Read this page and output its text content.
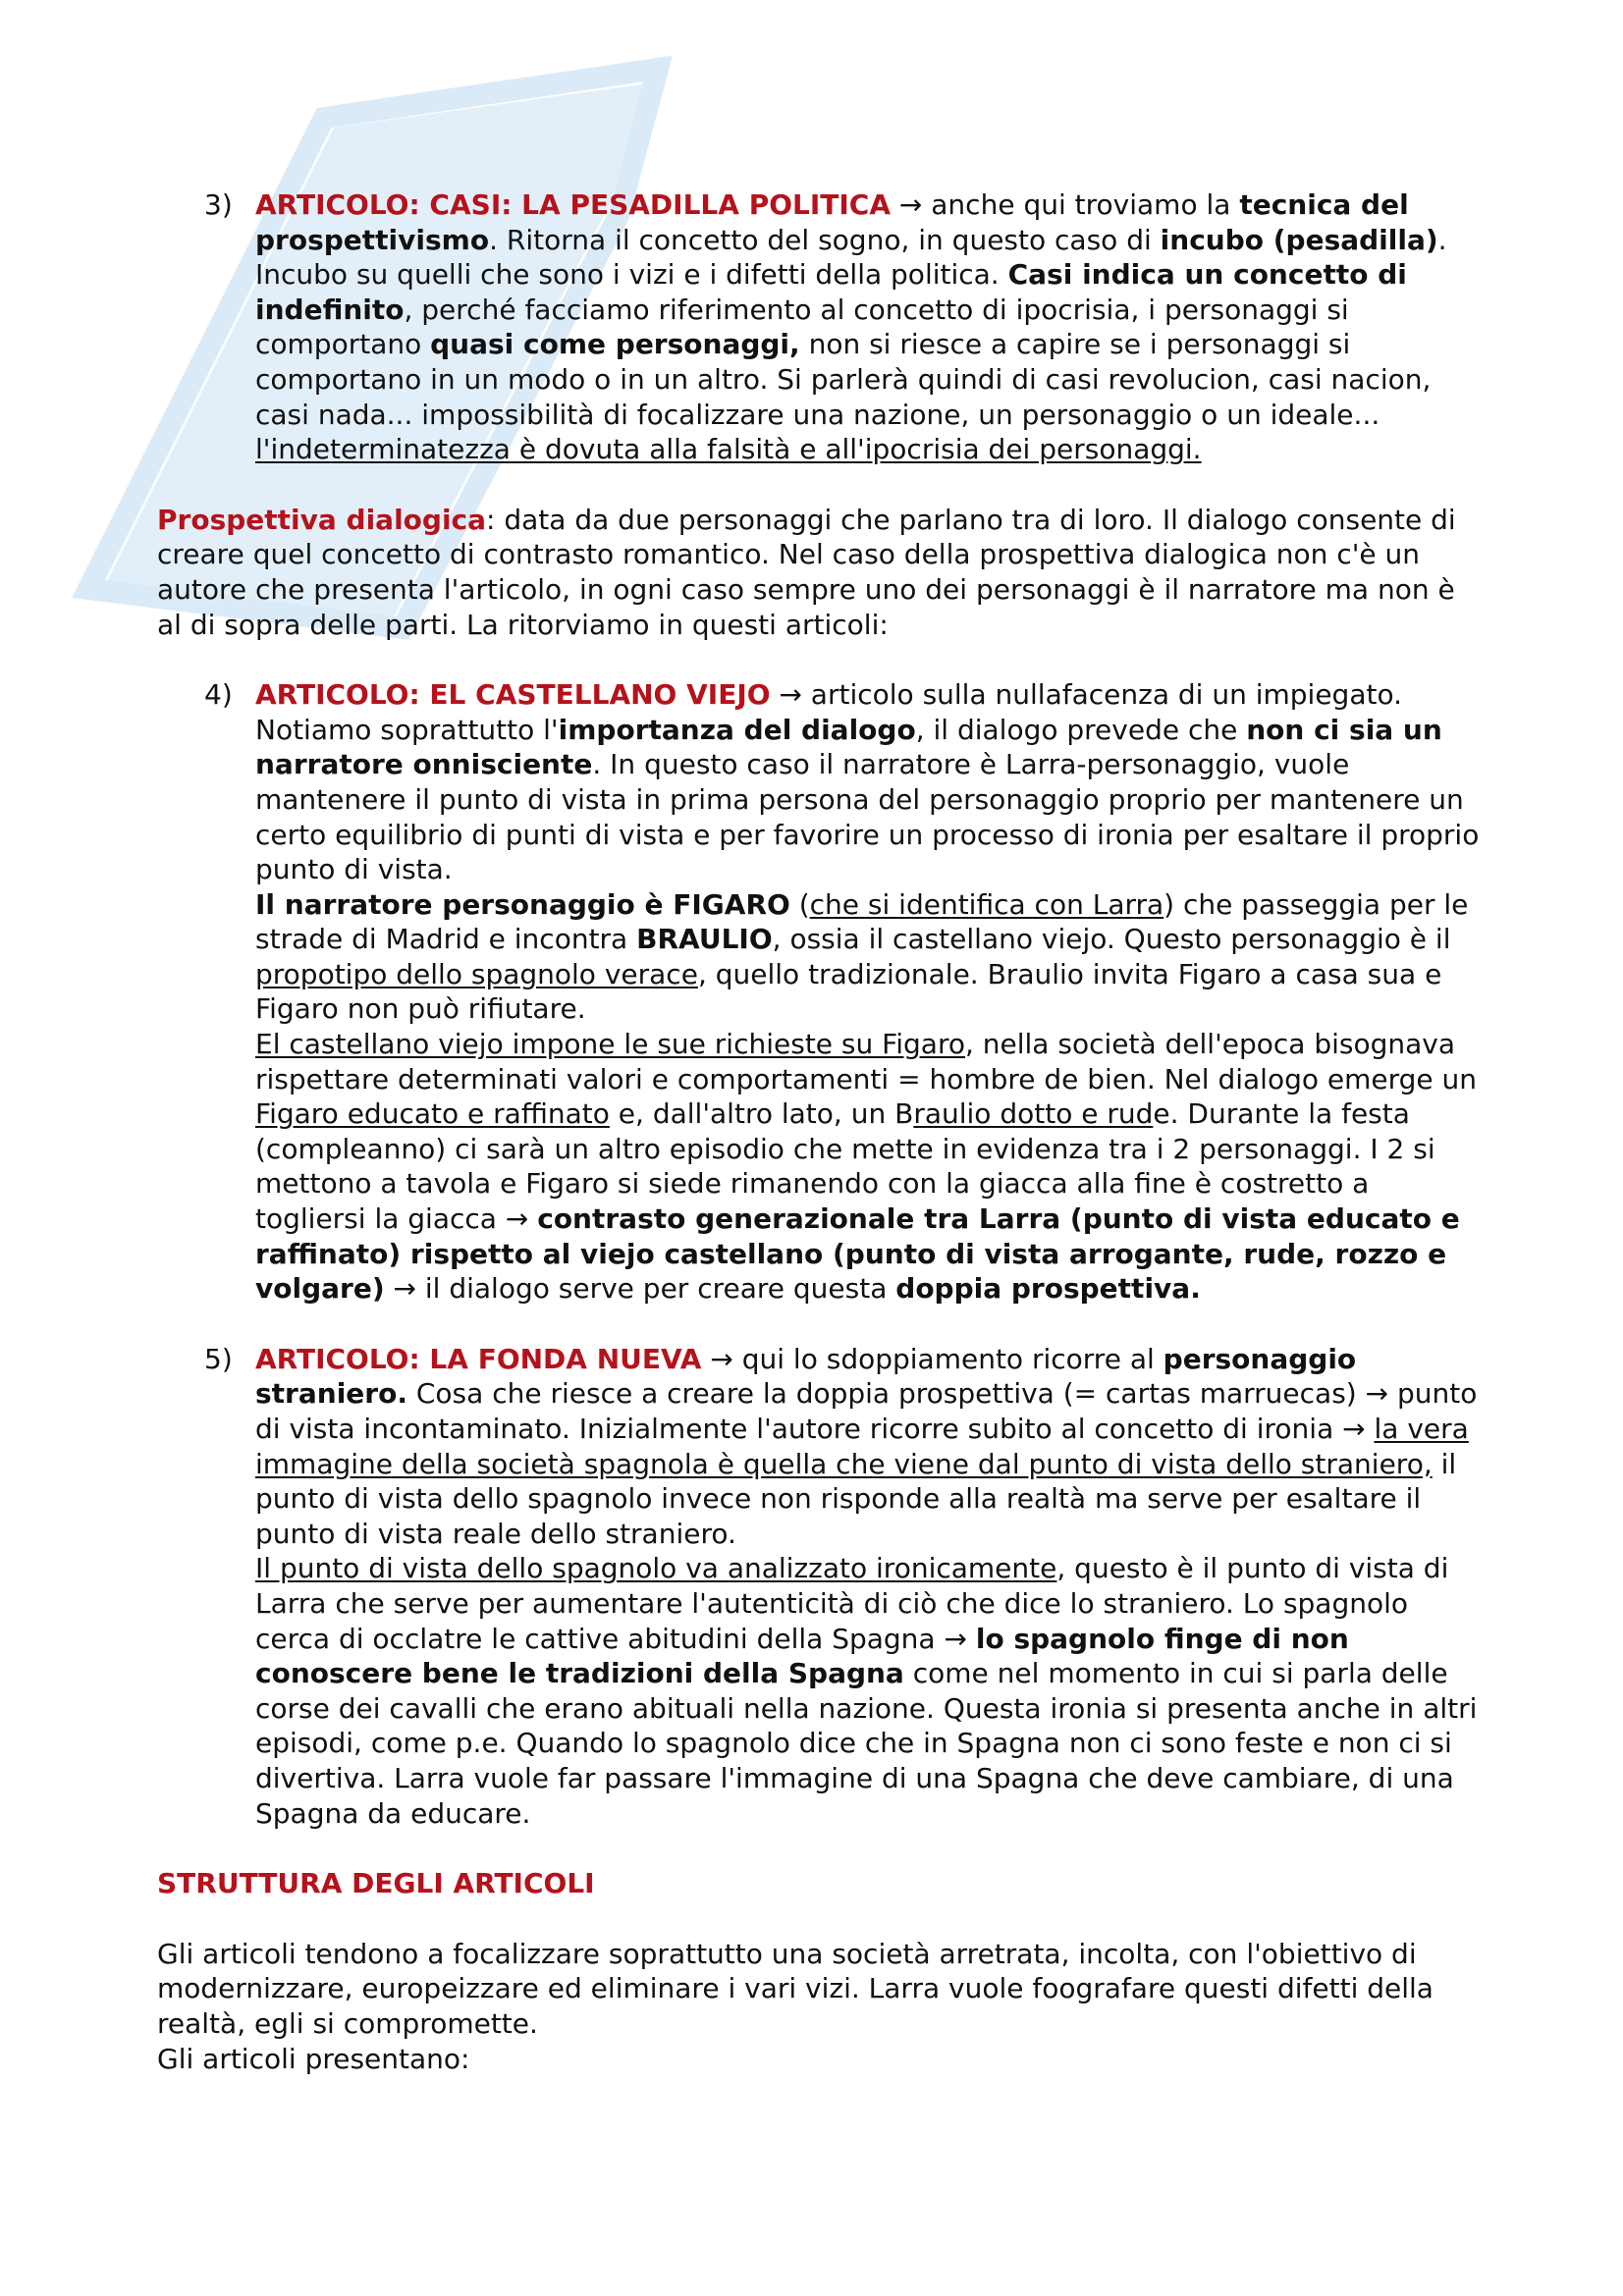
3) ARTICOLO: CASI: LA PESADILLA POLITICA → anche qui troviamo la tecnica del prospettivismo. Ritorna il concetto del sogno, in questo caso di incubo (pesadilla). Incubo su quelli che sono i vizi e i difetti della politica. Casi indica un concetto di indefinito, perché facciamo riferimento al concetto di ipocrisia, i personaggi si comportano quasi come personaggi, non si riesce a capire se i personaggi si comportano in un modo o in un altro. Si parlerà quindi di casi revolucion, casi nacion, casi nada... impossibilità di focalizzare una nazione, un personaggio o un ideale... l'indeterminatezza è dovuta alla falsità e all'ipocrisia dei personaggi.

Prospettiva dialogica: data da due personaggi che parlano tra di loro. Il dialogo consente di creare quel concetto di contrasto romantico. Nel caso della prospettiva dialogica non c'è un autore che presenta l'articolo, in ogni caso sempre uno dei personaggi è il narratore ma non è al di sopra delle parti. La ritorviamo in questi articoli:

4) ARTICOLO: EL CASTELLANO VIEJO → articolo sulla nullafacenza di un impiegato. Notiamo soprattutto l'importanza del dialogo, il dialogo prevede che non ci sia un narratore onnisciente. In questo caso il narratore è Larra-personaggio, vuole mantenere il punto di vista in prima persona del personaggio proprio per mantenere un certo equilibrio di punti di vista e per favorire un processo di ironia per esaltare il proprio punto di vista.

Il narratore personaggio è FIGARO (che si identifica con Larra) che passeggia per le strade di Madrid e incontra BRAULIO, ossia il castellano viejo. Questo personaggio è il propotipo dello spagnolo verace, quello tradizionale. Braulio invita Figaro a casa sua e Figaro non può rifiutare.

El castellano viejo impone le sue richieste su Figaro, nella società dell'epoca bisognava rispettare determinati valori e comportamenti = hombre de bien. Nel dialogo emerge un Figaro educato e raffinato e, dall'altro lato, un Braulio dotto e rude. Durante la festa (compleanno) ci sarà un altro episodio che mette in evidenza tra i 2 personaggi. I 2 si mettono a tavola e Figaro si siede rimanendo con la giacca alla fine è costretto a togliersi la giacca → contrasto generazionale tra Larra (punto di vista educato e raffinato) rispetto al viejo castellano (punto di vista arrogante, rude, rozzo e volgare) → il dialogo serve per creare questa doppia prospettiva.

5) ARTICOLO: LA FONDA NUEVA → qui lo sdoppiamento ricorre al personaggio straniero. Cosa che riesce a creare la doppia prospettiva (= cartas marruecas) → punto di vista incontaminato. Inizialmente l'autore ricorre subito al concetto di ironia → la vera immagine della società spagnola è quella che viene dal punto di vista dello straniero, il punto di vista dello spagnolo invece non risponde alla realtà ma serve per esaltare il punto di vista reale dello straniero.

Il punto di vista dello spagnolo va analizzato ironicamente, questo è il punto di vista di Larra che serve per aumentare l'autenticità di ciò che dice lo straniero. Lo spagnolo cerca di occlatre le cattive abitudini della Spagna → lo spagnolo finge di non conoscere bene le tradizioni della Spagna come nel momento in cui si parla delle corse dei cavalli che erano abituali nella nazione. Questa ironia si presenta anche in altri episodi, come p.e. Quando lo spagnolo dice che in Spagna non ci sono feste e non ci si divertiva. Larra vuole far passare l'immagine di una Spagna che deve cambiare, di una Spagna da educare.

STRUTTURA DEGLI ARTICOLI

Gli articoli tendono a focalizzare soprattutto una società arretrata, incolta, con l'obiettivo di modernizzare, europeizzare ed eliminare i vari vizi. Larra vuole foografare questi difetti della realtà, egli si compromette.

Gli articoli presentano:
